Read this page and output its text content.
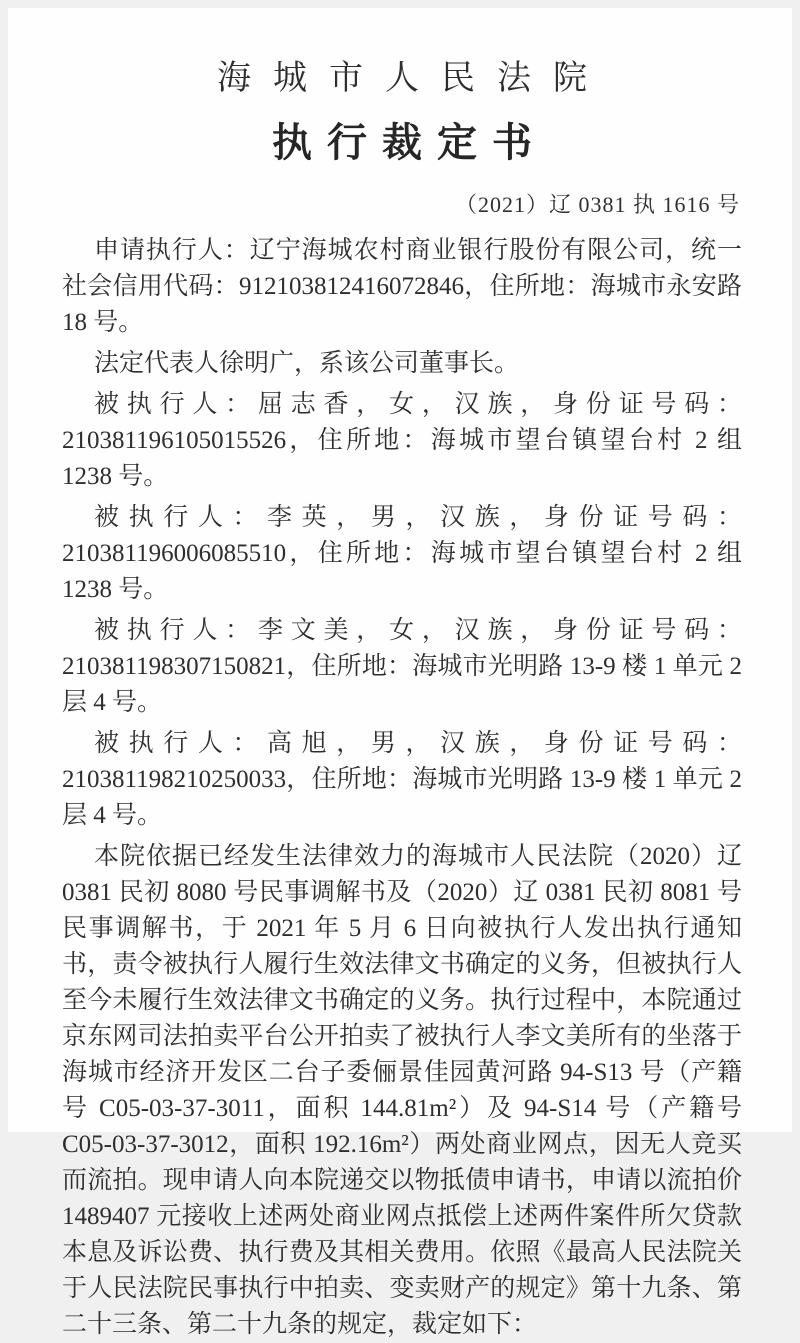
海城市人民法院
执行裁定书
（2021）辽 0381 执 1616 号

申请执行人：辽宁海城农村商业银行股份有限公司，统一社会信用代码：912103812416072846，住所地：海城市永安路 18 号。

法定代表人徐明广，系该公司董事长。

被执行人：屈志香，女，汉族，身份证号码：210381196105015526，住所地：海城市望台镇望台村 2 组 1238 号。

被执行人：李英，男，汉族，身份证号码：210381196006085510，住所地：海城市望台镇望台村 2 组 1238 号。

被执行人：李文美，女，汉族，身份证号码：210381198307150821，住所地：海城市光明路 13-9 楼 1 单元 2 层 4 号。

被执行人：高旭，男，汉族，身份证号码：210381198210250033，住所地：海城市光明路 13-9 楼 1 单元 2 层 4 号。

本院依据已经发生法律效力的海城市人民法院（2020）辽 0381 民初 8080 号民事调解书及（2020）辽 0381 民初 8081 号民事调解书，于 2021 年 5 月 6 日向被执行人发出执行通知书，责令被执行人履行生效法律文书确定的义务，但被执行人至今未履行生效法律文书确定的义务。执行过程中，本院通过京东网司法拍卖平台公开拍卖了被执行人李文美所有的坐落于海城市经济开发区二台子委俪景佳园黄河路 94-S13 号（产籍号 C05-03-37-3011，面积 144.81m²）及 94-S14 号（产籍号 C05-03-37-3012，面积 192.16m²）两处商业网点，因无人竞买而流拍。现申请人向本院递交以物抵债申请书，申请以流拍价 1489407 元接收上述两处商业网点抵偿上述两件案件所欠贷款本息及诉讼费、执行费及其相关费用。依照《最高人民法院关于人民法院民事执行中拍卖、变卖财产的规定》第十九条、第二十三条、第二十九条的规定，裁定如下：
